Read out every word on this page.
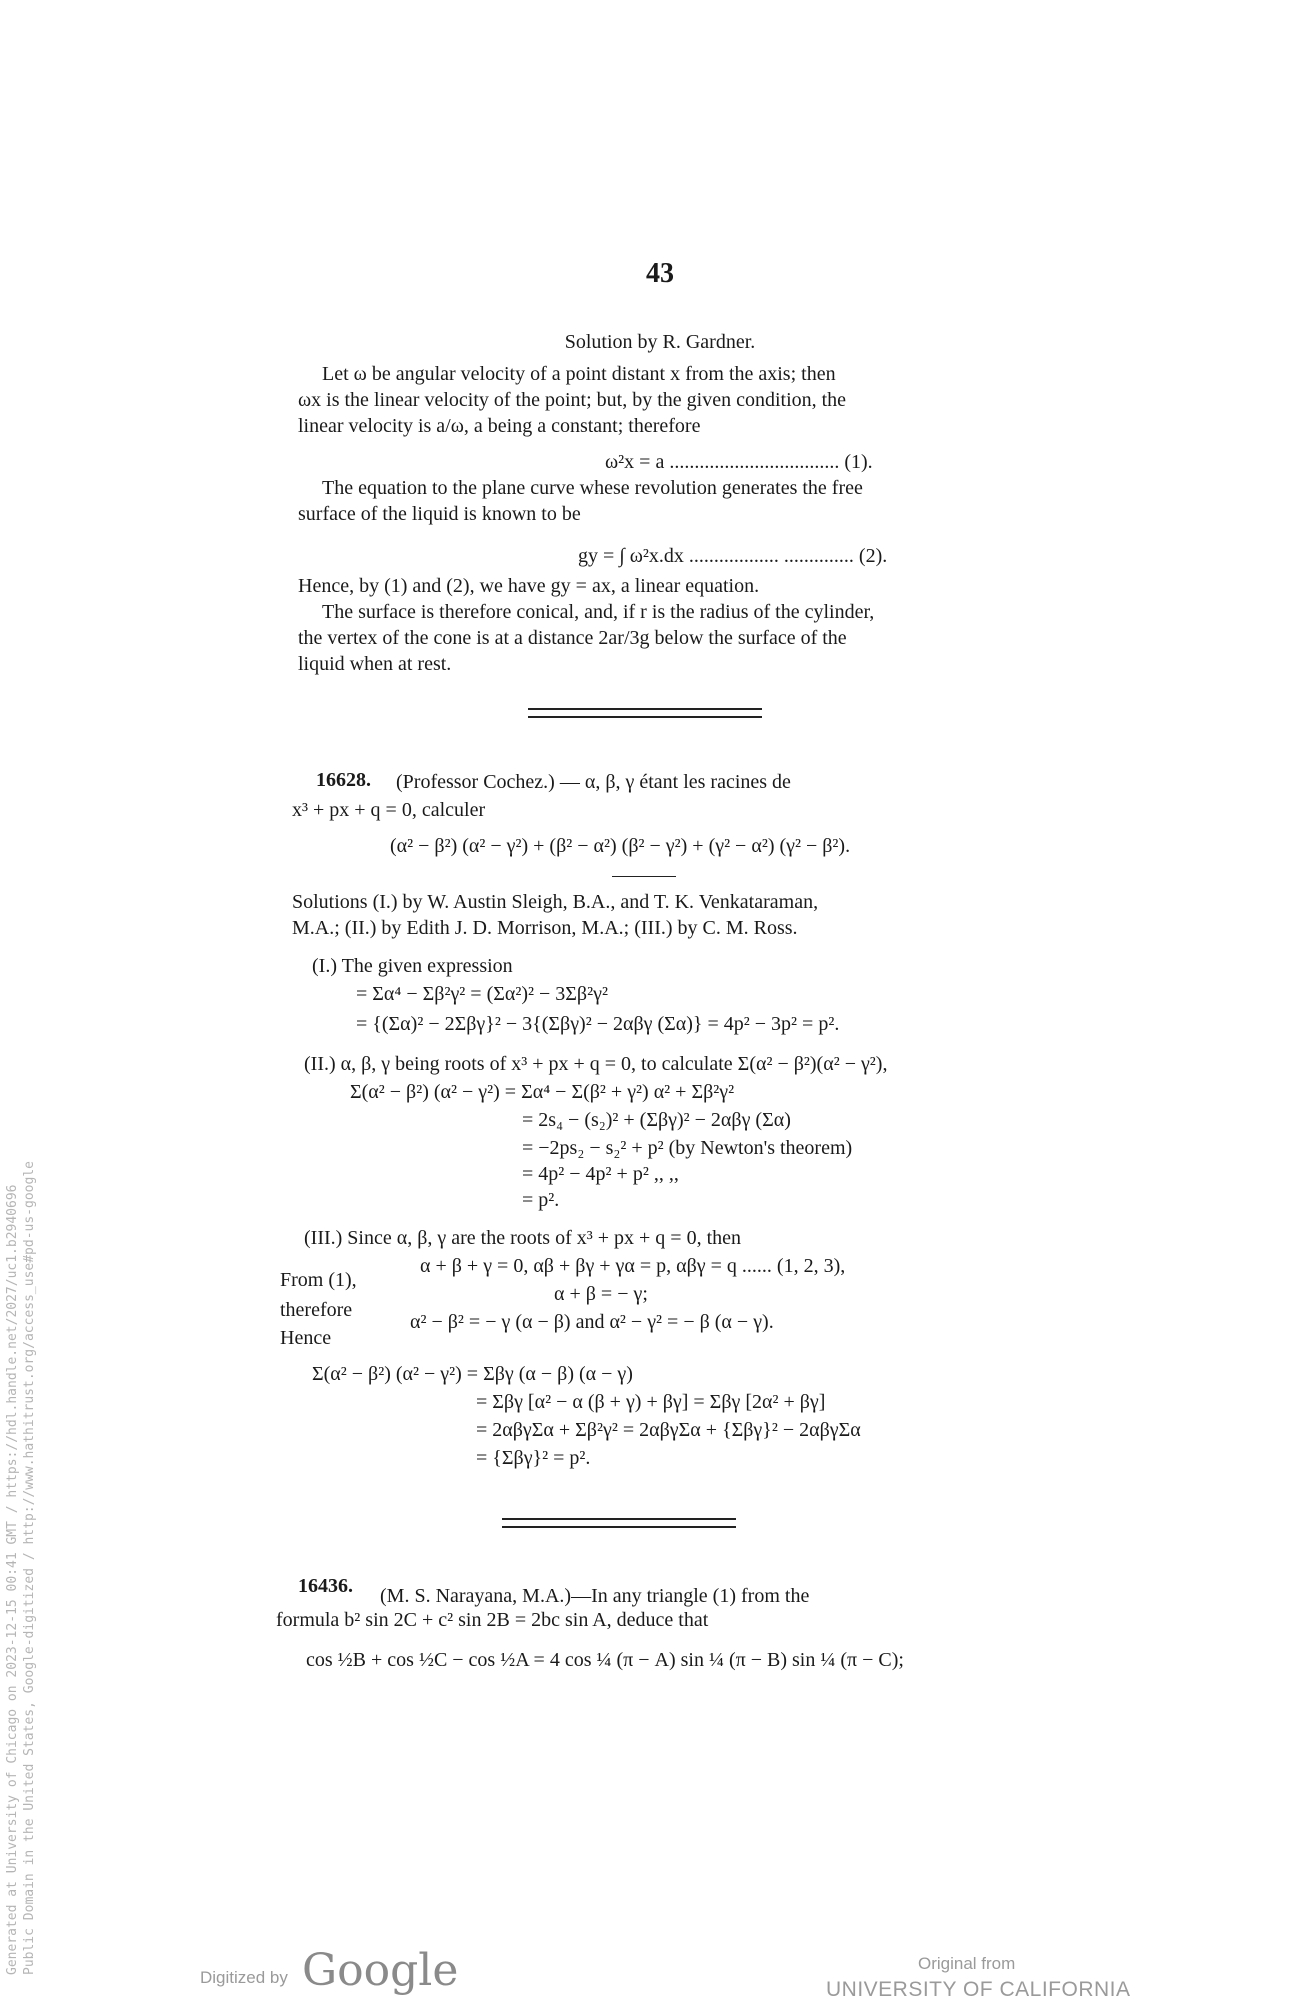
Generated at University of Chicago on 2023-12-15 00:41 GMT / https://hdl.handle.net/2027/uc1.b2940696 Public Domain in the United States, Google-digitized / http://www.hathitrust.org/access_use#pd-us-google
43
Solution by R. Gardner.
Let ω be angular velocity of a point distant x from the axis; then
ωx is the linear velocity of the point; but, by the given condition, the
linear velocity is a/ω, a being a constant; therefore
ω²x = a .................................. (1).
The equation to the plane curve whese revolution generates the free
surface of the liquid is known to be
gy = ∫ ω²x.dx .................. .............. (2).
Hence, by (1) and (2), we have gy = ax, a linear equation.
The surface is therefore conical, and, if r is the radius of the cylinder,
the vertex of the cone is at a distance 2ar/3g below the surface of the
liquid when at rest.
16628. (Professor Cochez.) — α, β, γ étant les racines de
x³ + px + q = 0, calculer
(α² − β²) (α² − γ²) + (β² − α²) (β² − γ²) + (γ² − α²) (γ² − β²).
Solutions (I.) by W. Austin Sleigh, B.A., and T. K. Venkataraman,
M.A.; (II.) by Edith J. D. Morrison, M.A.; (III.) by C. M. Ross.
(I.) The given expression
= Σα⁴ − Σβ²γ² = (Σα²)² − 3Σβ²γ²
= {(Σα)² − 2Σβγ}² − 3{(Σβγ)² − 2αβγ (Σα)} = 4p² − 3p² = p².
(II.) α, β, γ being roots of x³ + px + q = 0, to calculate Σ(α² − β²)(α² − γ²),
Σ(α² − β²) (α² − γ²) = Σα⁴ − Σ(β² + γ²) α² + Σβ²γ²
= 2s₄ − (s₂)² + (Σβγ)² − 2αβγ (Σα)
= −2ps₂ − s₂² + p² (by Newton's theorem)
= 4p² − 4p² + p² ,, ,,
= p².
(III.) Since α, β, γ are the roots of x³ + px + q = 0, then
α + β + γ = 0, αβ + βγ + γα = p, αβγ = q ...... (1, 2, 3),
From (1),
α + β = − γ;
therefore
α² − β² = − γ (α − β) and α² − γ² = − β (α − γ).
Hence
Σ(α² − β²) (α² − γ²) = Σβγ (α − β) (α − γ)
= Σβγ [α² − α (β + γ) + βγ] = Σβγ [2α² + βγ]
= 2αβγΣα + Σβ²γ² = 2αβγΣα + {Σβγ}² − 2αβγΣα
= {Σβγ}² = p².
16436. (M. S. Narayana, M.A.)—In any triangle (1) from the
formula b² sin 2C + c² sin 2B = 2bc sin A, deduce that
cos ½B + cos ½C − cos ½A = 4 cos ¼ (π − A) sin ¼ (π − B) sin ¼ (π − C);
Digitized by Google	Original from
UNIVERSITY OF CALIFORNIA
